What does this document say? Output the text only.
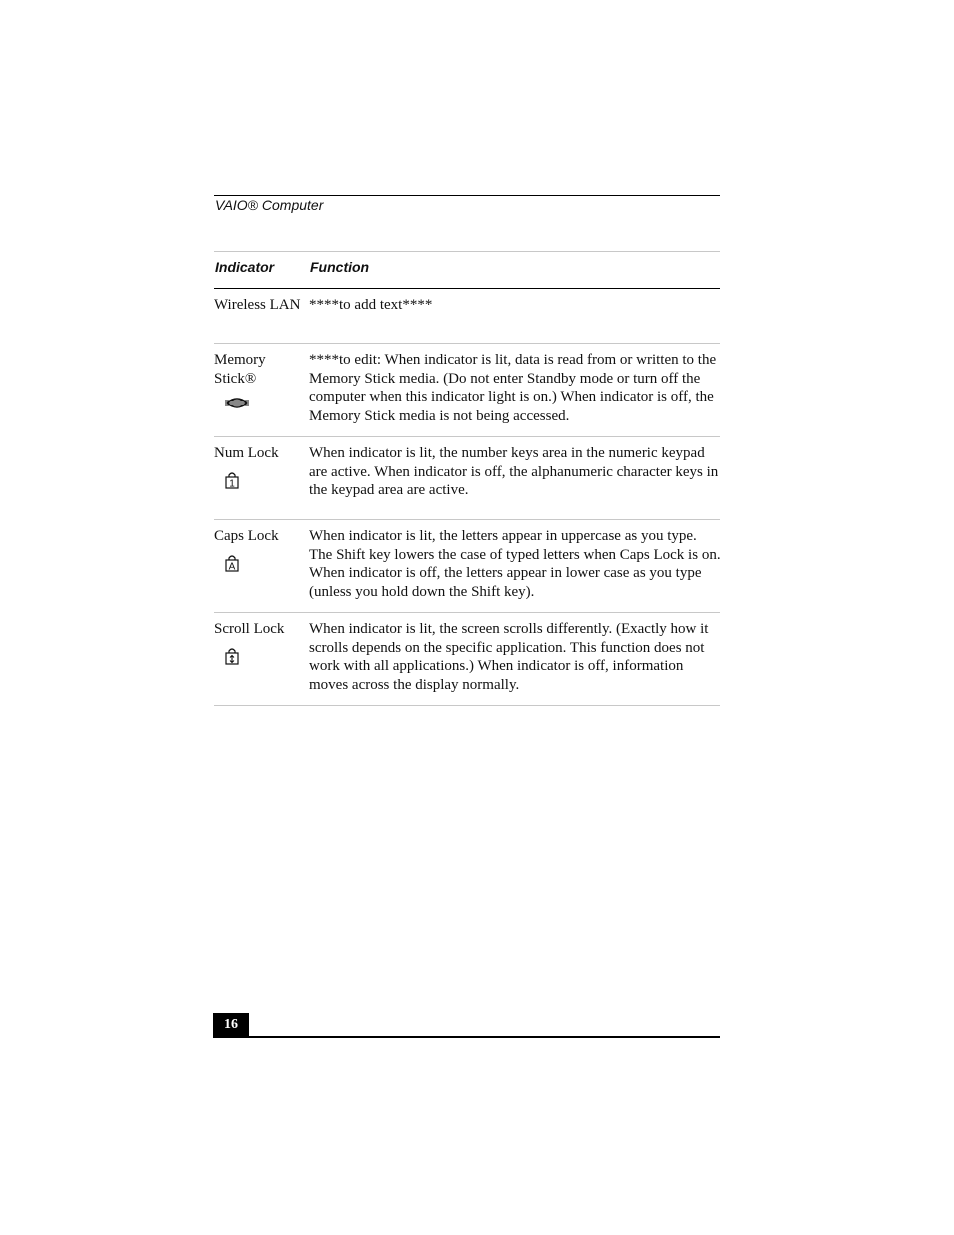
VAIO® Computer
Indicator	Function
Wireless LAN ****to add text****
Memory Stick®
****to edit: When indicator is lit, data is read from or written to the Memory Stick media. (Do not enter Standby mode or turn off the computer when this indicator light is on.) When indicator is off, the Memory Stick media is not being accessed.
Num Lock
1
When indicator is lit, the number keys area in the numeric keypad are active. When indicator is off, the alphanumeric character keys in the keypad area are active.
Caps Lock
A
When indicator is lit, the letters appear in uppercase as you type. The Shift key lowers the case of typed letters when Caps Lock is on. When indicator is off, the letters appear in lower case as you type (unless you hold down the Shift key).
Scroll Lock	When indicator is lit, the screen scrolls differently. (Exactly how it scrolls depends on the specific application. This function does not work with all applications.) When indicator is off, information moves across the display normally.
16
